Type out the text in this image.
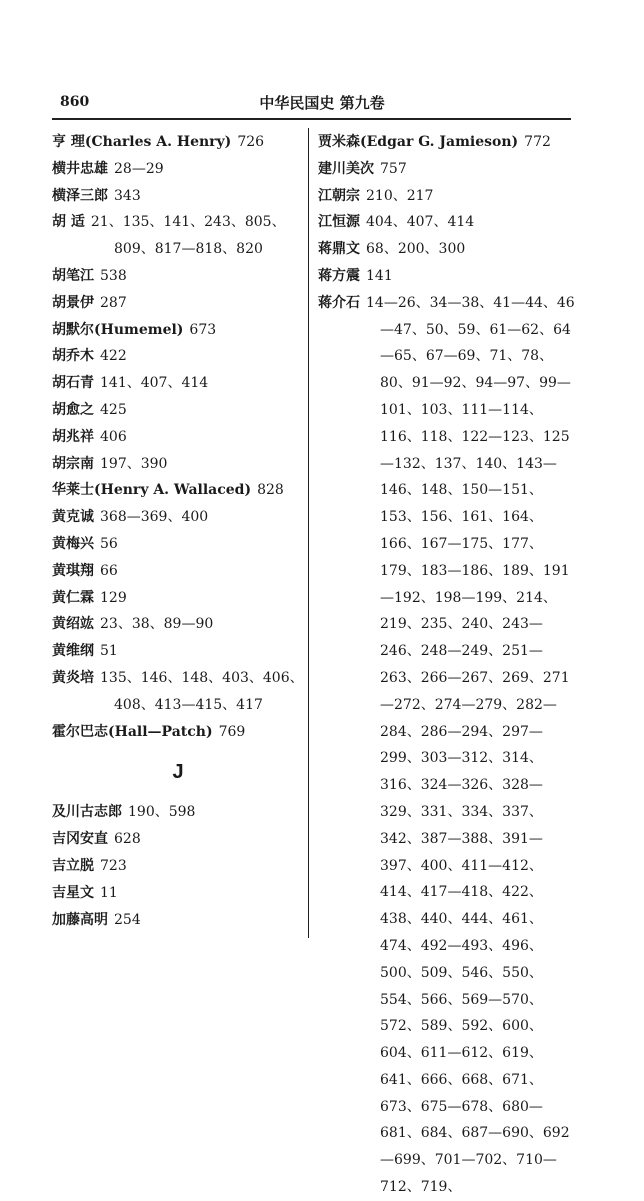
860	中华民国史 第九卷
亨 理(Charles A. Henry) 726
横井忠雄 28—29
横泽三郎 343
胡 适 21、135、141、243、805、809、817—818、820
胡笔江 538
胡景伊 287
胡默尔(Humemel) 673
胡乔木 422
胡石青 141、407、414
胡愈之 425
胡兆祥 406
胡宗南 197、390
华莱士(Henry A. Wallaced) 828
黄克诚 368—369、400
黄梅兴 56
黄琪翔 66
黄仁霖 129
黄绍竑 23、38、89—90
黄维纲 51
黄炎培 135、146、148、403、406、408、413—415、417
霍尔巴志(Hall—Patch) 769
J
及川古志郎 190、598
吉冈安直 628
吉立脱 723
吉星文 11
加藤高明 254
贾米森(Edgar G. Jamieson) 772
建川美次 757
江朝宗 210、217
江恒源 404、407、414
蒋鼎文 68、200、300
蒋方震 141
蒋介石 14—26、34—38、41—44、46—47、50、59、61—62、64—65、67—69、71、78、80、91—92、94—97、99—101、103、111—114、116、118、122—123、125—132、137、140、143—146、148、150—151、153、156、161、164、166、167—175、177、179、183—186、189、191—192、198—199、214、219、235、240、243—246、248—249、251—263、266—267、269、271—272、274—279、282—284、286—294、297—299、303—312、314、316、324—326、328—329、331、334、337、342、387—388、391—397、400、411—412、414、417—418、422、438、440、444、461、474、492—493、496、500、509、546、550、554、566、569—570、572、589、592、600、604、611—612、619、641、666、668、671、673、675—678、680—681、684、687—690、692—699、701—702、710—712、719、
